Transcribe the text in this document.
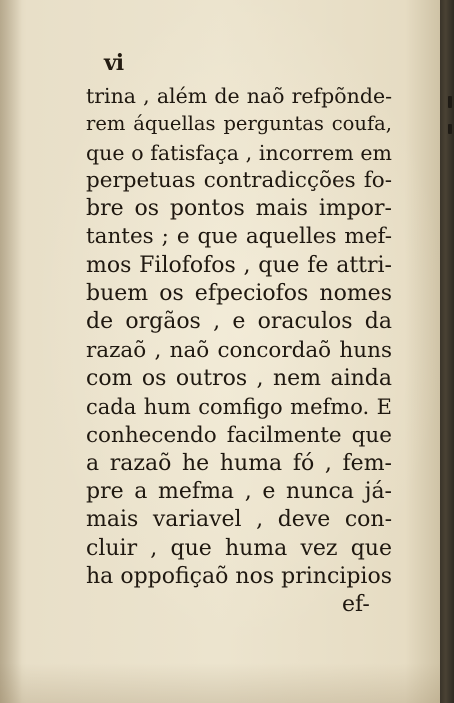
vi
trina , além de naõ refpõnde-
rem áquellas perguntas coufa,
que o fatisfaça , incorrem em
perpetuas contradicções fo-
bre os pontos mais impor-
tantes ; e que aquelles mef-
mos Filofofos , que fe attri-
buem os efpeciofos nomes
de orgãos , e oraculos da
razaõ , naõ concordaõ huns
com os outros , nem ainda
cada hum comfigo mefmo. E
conhecendo facilmente que
a razaõ he huma fó , fem-
pre a mefma , e nunca já-
mais variavel , deve con-
cluir , que huma vez que
ha oppofiçaõ nos principios
ef-
